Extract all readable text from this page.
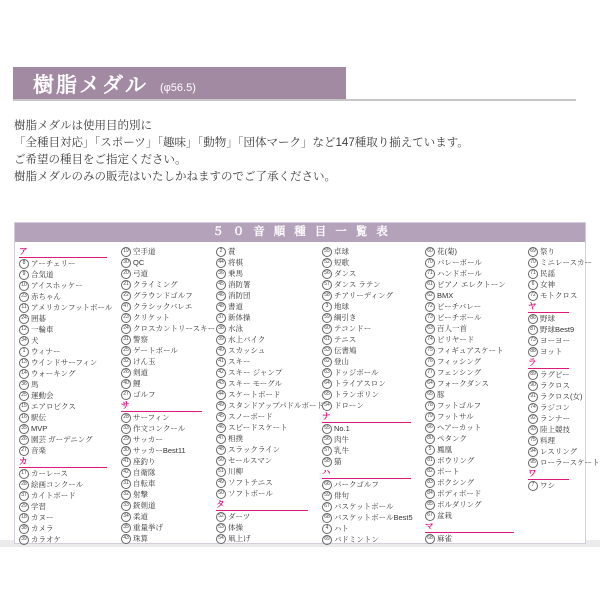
樹脂メダル (φ56.5)
樹脂メダルは使用目的別に
「全種目対応」「スポーツ」「趣味」「動物」「団体マーク」など147種取り揃えています。
ご希望の種目をご指定ください。
樹脂メダルのみの販売はいたしかねますのでご了承ください。
５０音順種目一覧表
ア
8 アーチェリー
9 合気道
10 アイスホッケー
23 赤ちゃん
11 アメリカンフットボール
24 囲碁
12 一輪車
34 犬
1 ウィナー
13 ウインドサーフィン
14 ウォーキング
36 馬
25 運動会
15 エアロビクス
16 駅伝
35 MVP
26 園芸 ガーデニング
27 音楽
カ
17 カーレース
28 絵画コンクール
37 カイトボード
29 学習
18 カヌー
38 カメラ
39 カラオケ
19 空手道
30 QC
20 弓道
21 クライミング
22 グラウンドゴルフ
47 クラシックバレエ
23 クリケット
24 クロスカントリースキー
31 警察
25 ゲートボール
32 けん玉
26 剣道
40 鯉
27 ゴルフ
サ
28 サーフィン
33 作文コンクール
29 サッカー
30 サッカーBest11
41 座釣り
42 自衛隊
31 自転車
32 射撃
33 銃剣道
34 柔道
35 重量挙げ
43 珠算
2 賞
44 将棋
36 乗馬
45 消防署
46 消防団
48 書道
37 新体操
38 水泳
39 水上バイク
40 スカッシュ
41 スキー
42 スキー ジャンプ
43 スキー モーグル
44 スケートボード
49 スタンドアップパドルボード
45 スノーボード
46 スピードスケート
47 相撲
48 スラックライン
50 セールスマン
51 川柳
49 ソフトテニス
50 ソフトボール
タ
52 ダーツ
53 体操
54 凧上げ
55 卓球
52 短歌
56 ダンス
57 ダンス ラテン
58 チアリーディング
3 地球
59 綱引き
60 テコンドー
61 テニス
53 伝書鳩
62 登山
63 ドッジボール
64 トライアスロン
65 トランポリン
54 ドローン
ナ
55 No.1
56 肉牛
57 乳牛
58 猫
ハ
66 パークゴルフ
59 俳句
67 バスケットボール
68 バスケットボールBest5
4 ハト
69 バドミントン
60 花(菊)
70 バレーボール
71 ハンドボール
61 ピアノ エレクトーン
62 BMX
72 ビーチバレー
73 ビーチボール
63 百人一首
74 ビリヤード
75 フィギュアスケート
76 フィッシング
77 フェンシング
64 フォークダンス
65 豚
78 フットゴルフ
79 フットサル
66 ヘアーカット
80 ペタンク
5 鳳凰
81 ボウリング
82 ボート
83 ボクシング
84 ボディボード
85 ボルダリング
67 盆栽
マ
68 麻雀
69 祭り
70 ミニレースカー
71 民謡
6 女神
72 モトクロス
ヤ
86 野球
87 野球Best9
73 ヨーヨー
88 ヨット
ラ
89 ラグビー
90 ラクロス
91 ラクロス(女)
74 ラジコン
92 ランナー
93 陸上競技
75 料理
94 レスリング
95 ローラースケート
ワ
7 ワシ
